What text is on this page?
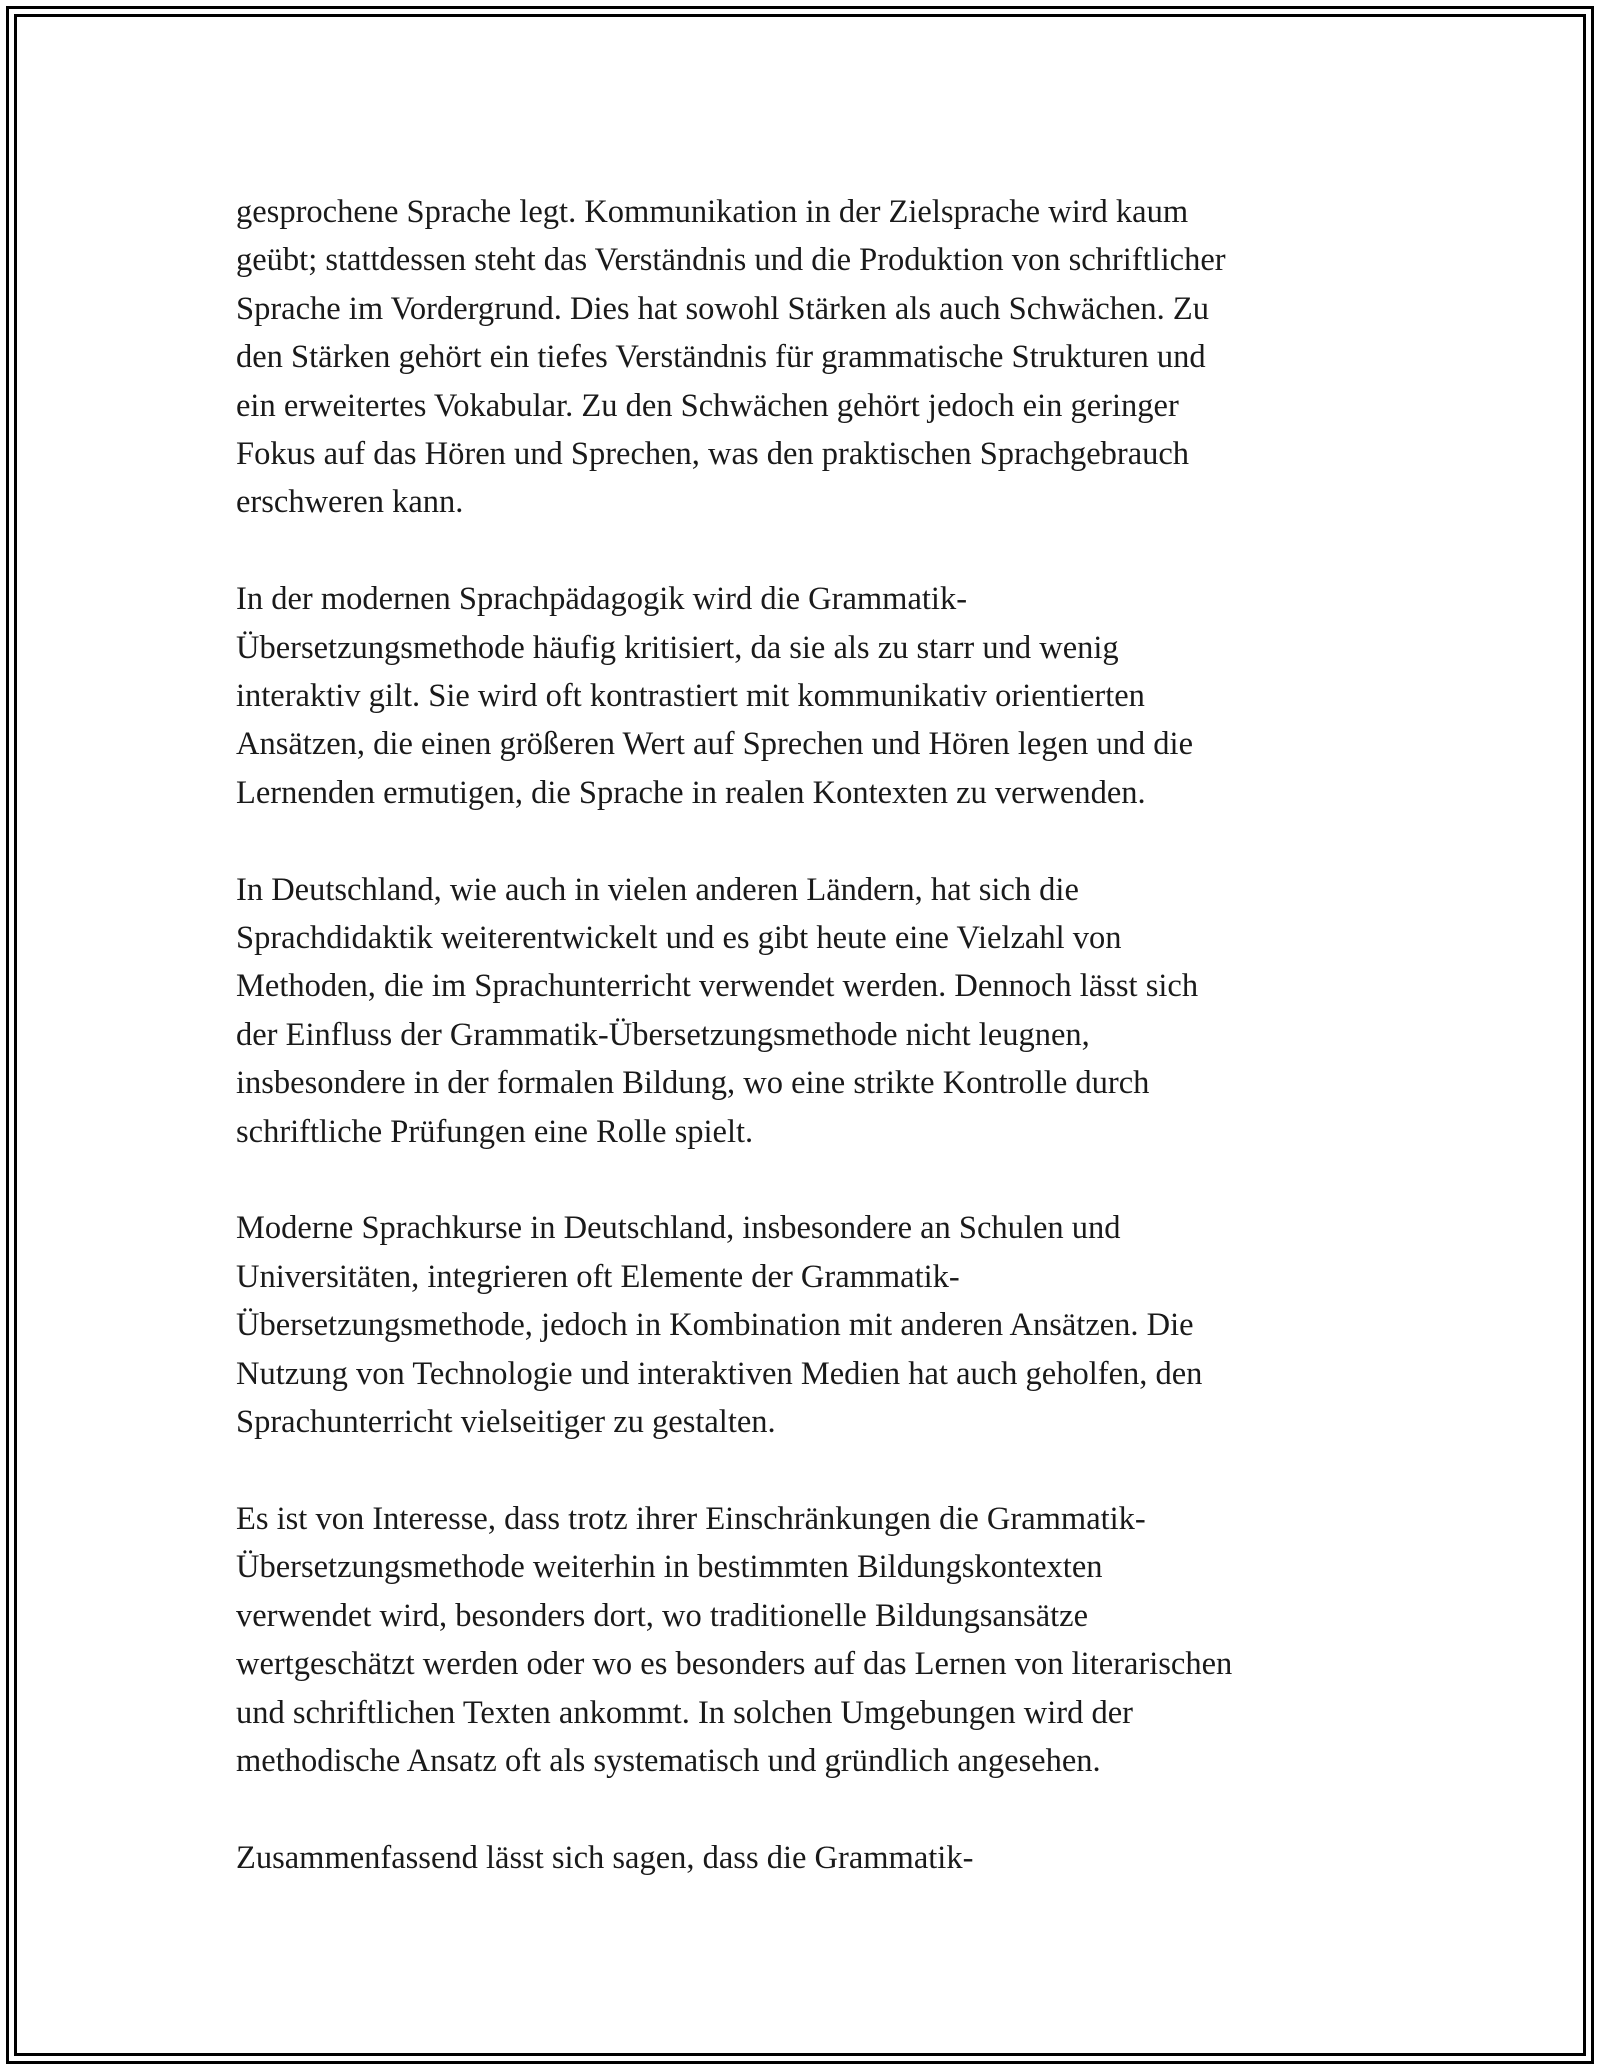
gesprochene Sprache legt. Kommunikation in der Zielsprache wird kaum
geübt; stattdessen steht das Verständnis und die Produktion von schriftlicher
Sprache im Vordergrund. Dies hat sowohl Stärken als auch Schwächen. Zu
den Stärken gehört ein tiefes Verständnis für grammatische Strukturen und
ein erweitertes Vokabular. Zu den Schwächen gehört jedoch ein geringer
Fokus auf das Hören und Sprechen, was den praktischen Sprachgebrauch
erschweren kann.

In der modernen Sprachpädagogik wird die Grammatik-
Übersetzungsmethode häufig kritisiert, da sie als zu starr und wenig
interaktiv gilt. Sie wird oft kontrastiert mit kommunikativ orientierten
Ansätzen, die einen größeren Wert auf Sprechen und Hören legen und die
Lernenden ermutigen, die Sprache in realen Kontexten zu verwenden.

In Deutschland, wie auch in vielen anderen Ländern, hat sich die
Sprachdidaktik weiterentwickelt und es gibt heute eine Vielzahl von
Methoden, die im Sprachunterricht verwendet werden. Dennoch lässt sich
der Einfluss der Grammatik-Übersetzungsmethode nicht leugnen,
insbesondere in der formalen Bildung, wo eine strikte Kontrolle durch
schriftliche Prüfungen eine Rolle spielt.

Moderne Sprachkurse in Deutschland, insbesondere an Schulen und
Universitäten, integrieren oft Elemente der Grammatik-
Übersetzungsmethode, jedoch in Kombination mit anderen Ansätzen. Die
Nutzung von Technologie und interaktiven Medien hat auch geholfen, den
Sprachunterricht vielseitiger zu gestalten.

Es ist von Interesse, dass trotz ihrer Einschränkungen die Grammatik-
Übersetzungsmethode weiterhin in bestimmten Bildungskontexten
verwendet wird, besonders dort, wo traditionelle Bildungsansätze
wertgeschätzt werden oder wo es besonders auf das Lernen von literarischen
und schriftlichen Texten ankommt. In solchen Umgebungen wird der
methodische Ansatz oft als systematisch und gründlich angesehen.

Zusammenfassend lässt sich sagen, dass die Grammatik-
